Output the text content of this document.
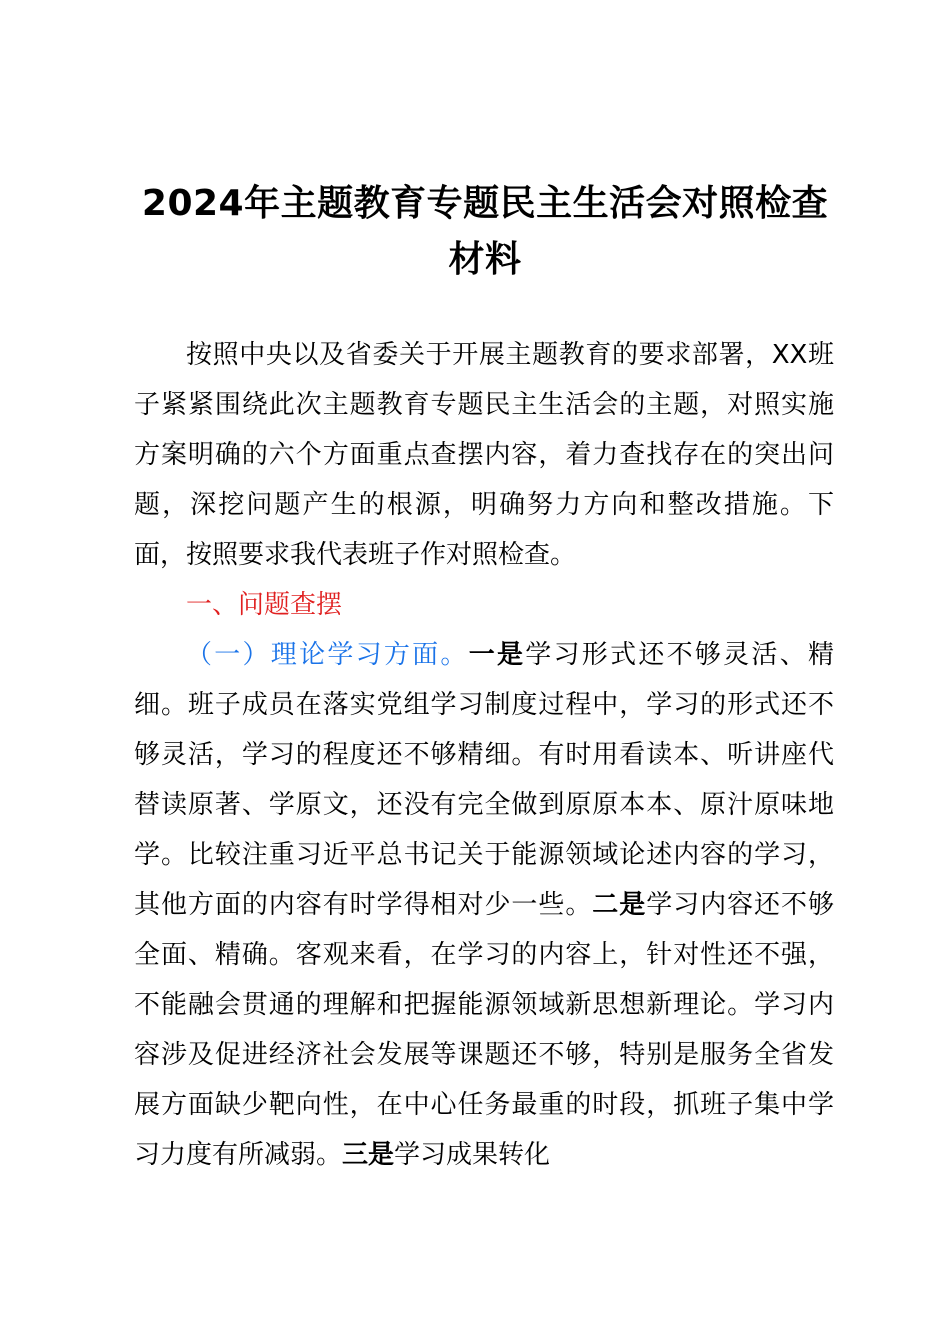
2024年主题教育专题民主生活会对照检查
材料

按照中央以及省委关于开展主题教育的要求部署，XX班子紧紧围绕此次主题教育专题民主生活会的主题，对照实施方案明确的六个方面重点查摆内容，着力查找存在的突出问题，深挖问题产生的根源，明确努力方向和整改措施。下面，按照要求我代表班子作对照检查。

一、问题查摆

（一）理论学习方面。一是学习形式还不够灵活、精细。班子成员在落实党组学习制度过程中，学习的形式还不够灵活，学习的程度还不够精细。有时用看读本、听讲座代替读原著、学原文，还没有完全做到原原本本、原汁原味地学。比较注重习近平总书记关于能源领域论述内容的学习，其他方面的内容有时学得相对少一些。二是学习内容还不够全面、精确。客观来看，在学习的内容上，针对性还不强，不能融会贯通的理解和把握能源领域新思想新理论。学习内容涉及促进经济社会发展等课题还不够，特别是服务全省发展方面缺少靶向性，在中心任务最重的时段，抓班子集中学习力度有所减弱。三是学习成果转化
